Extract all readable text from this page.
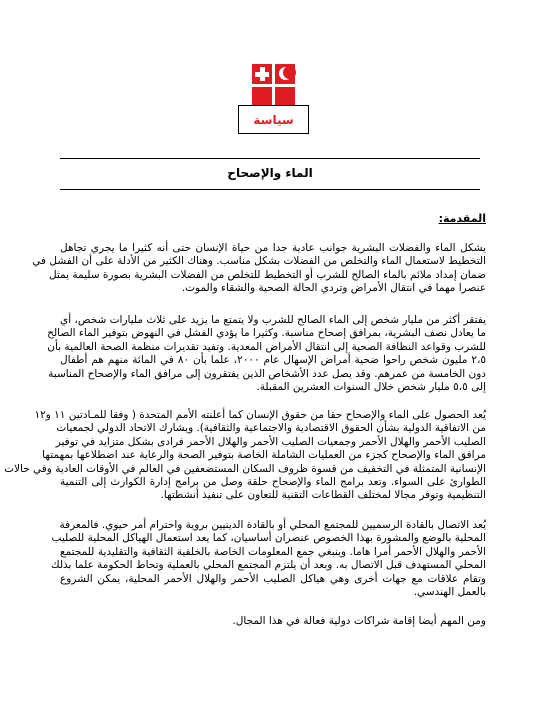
سياسة
الماء والإصحاح
المقدمة:
يشكل الماء والفضلات البشرية جوانب عادية جدا من حياة الإنسان حتى أنه كثيرا ما يجري تجاهل
التخطيط لاستعمال الماء والتخلص من الفضلات بشكل مناسب. وهناك الكثير من الأدلة على أن الفشل في
ضمان إمداد ملائم بالماء الصالح للشرب أو التخطيط للتخلص من الفضلات البشرية بصورة سليمة يمثل
عنصرا مهما في انتقال الأمراض وتردي الحالة الصحية والشقاء والموت.
يفتقر أكثر من مليار شخص إلى الماء الصالح للشرب ولا يتمتع ما يزيد على ثلاث مليارات شخص، أي
ما يعادل نصف البشرية، بمرافق إصحاح مناسبة. وكثيرا ما يؤدي الفشل في النهوض بتوفير الماء الصالح
للشرب وقواعد النظافة الصحية إلى انتقال الأمراض المعدية. وتفيد تقديرات منظمة الصحة العالمية بأن
٢،٥ مليون شخص راحوا ضحية أمراض الإسهال عام ٢٠٠٠، علما بأن ٨٠ في المائة منهم هم أطفال
دون الخامسة من عمرهم. وقد يصل عدد الأشخاص الذين يفتقرون إلى مرافق الماء والإصحاح المناسبة
إلى ٥،٥ مليار شخص خلال السنوات العشرين المقبلة.
يُعد الحصول على الماء والإصحاح حقا من حقوق الإنسان كما أعلنته الأمم المتحدة ( وفقا للمـادتين ١١ و١٢
من الاتفاقية الدولية بشأن الحقوق الاقتصادية والاجتماعية والثقافية). ويشارك الاتحاد الدولي لجمعيات
الصليب الأحمر والهلال الأحمر وجمعيات الصليب الأحمر والهلال الأحمر فرادى بشكل متزايد في توفير
مرافق الماء والإصحاح كجزء من العمليات الشاملة الخاصة بتوفير الصحة والرعاية عند اضطلاعها بمهمتها
الإنسانية المتمثلة في التخفيف من قسوة ظروف السكان المستضعفين في العالم في الأوقات العادية وفي حالات
الطوارئ على السواء. وتعد برامج الماء والإصحاح حلقة وصل من برامج إدارة الكوارث إلى التنمية
التنظيمية وتوفر مجالا لمختلف القطاعات التقنية للتعاون على تنفيذ أنشطتها.
يُعد الاتصال بالقادة الرسميين للمجتمع المحلي أو بالقادة الدينيين بروية واحترام أمر حيوي. فالمعرفة
المحلية بالوضع والمشورة بهذا الخصوص عنصران أساسيان، كما يعد استعمال الهياكل المحلية للصليب
الأحمر والهلال الأحمر أمرا هاما. وينبغي جمع المعلومات الخاصة بالخلفية الثقافية والتقليدية للمجتمع
المحلي المستهدف قبل الاتصال به. وبعد أن يلتزم المجتمع المحلي بالعملية وتحاط الحكومة علما بذلك
وتقام علاقات مع جهات أخرى وهي هياكل الصليب الأحمر والهلال الأحمر المحلية، يمكن الشروع
بالعمل الهندسي.
ومن المهم أيضا إقامة شراكات دولية فعالة في هذا المجال.
